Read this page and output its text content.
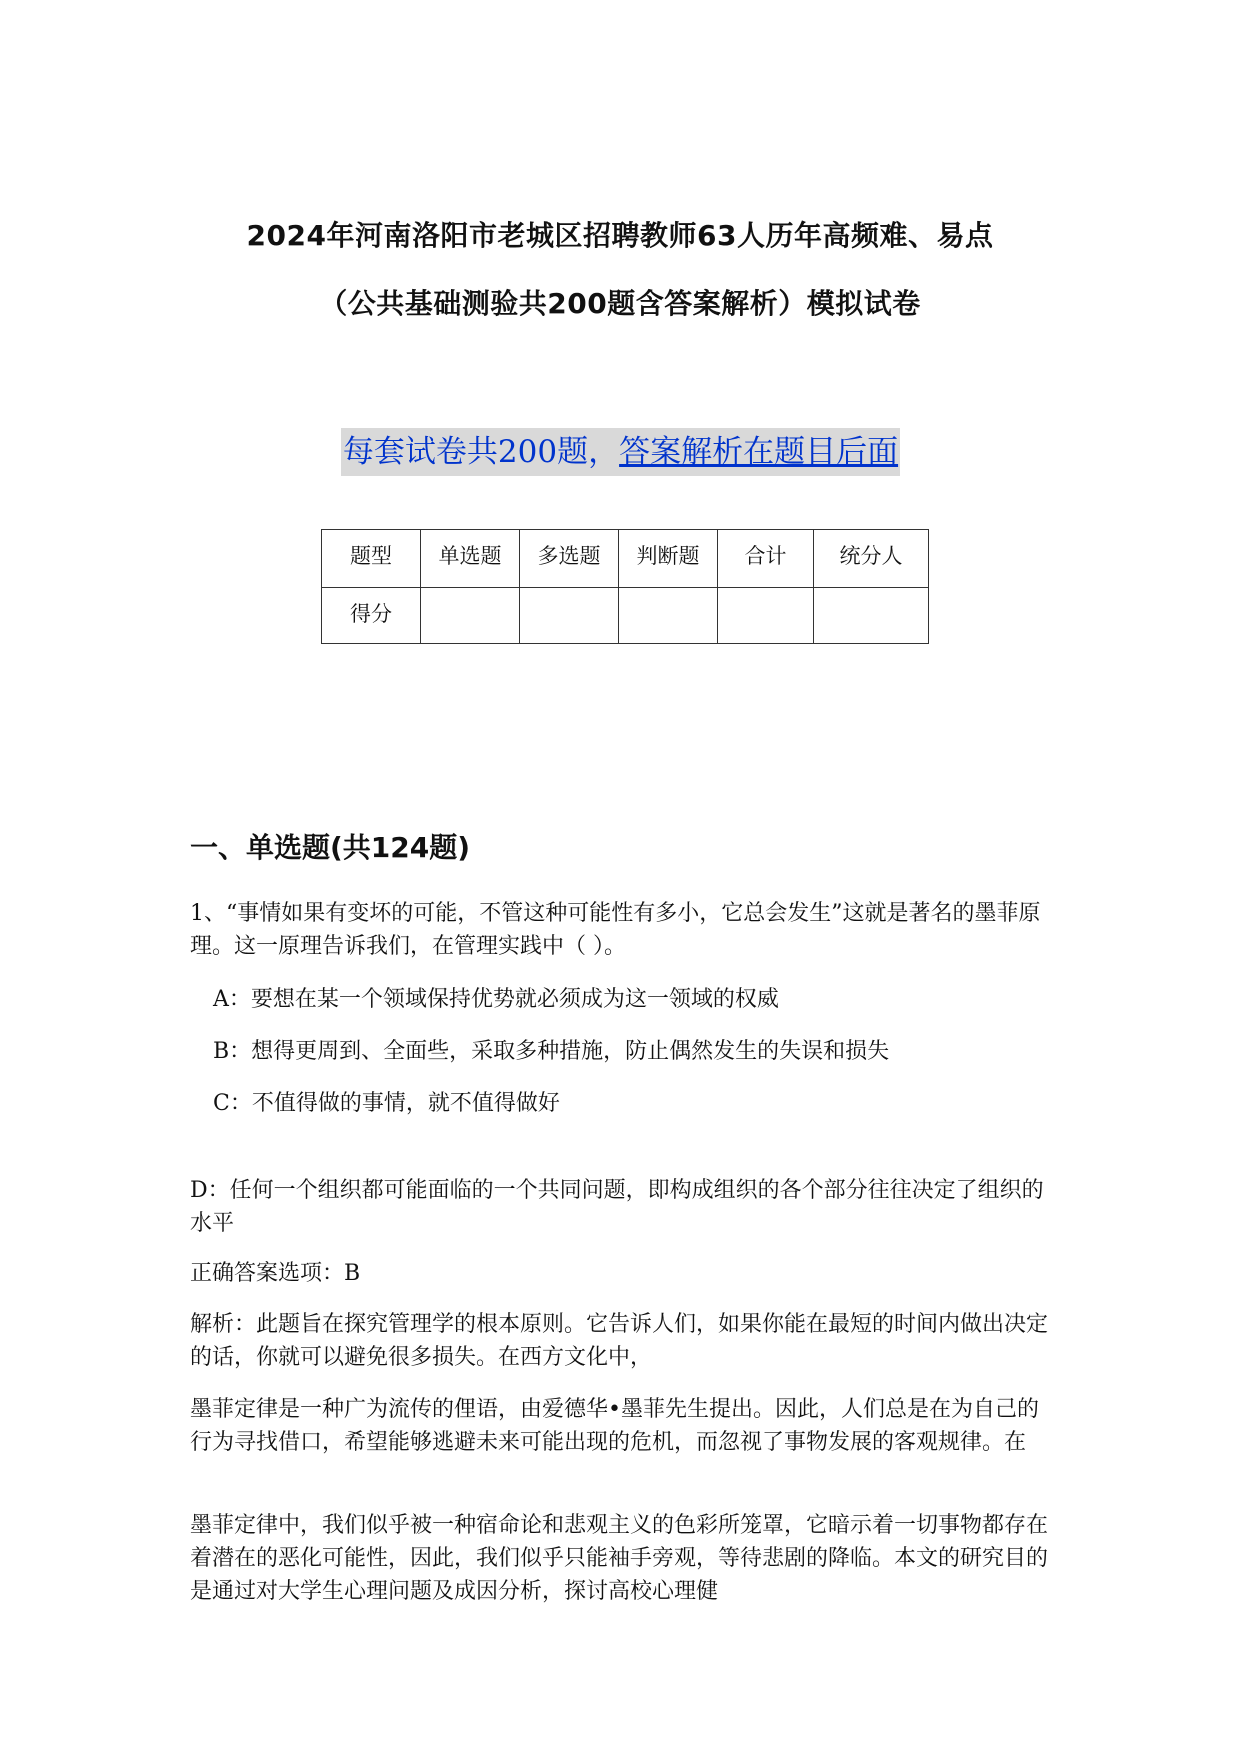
2024年河南洛阳市老城区招聘教师63人历年高频难、易点
（公共基础测验共200题含答案解析）模拟试卷
每套试卷共200题，答案解析在题目后面
题型	单选题	多选题	判断题	合计	统分人
得分					
一、单选题(共124题)

1、“事情如果有变坏的可能，不管这种可能性有多小，它总会发生”这就是著名的墨菲原理。这一原理告诉我们，在管理实践中（ ）。

A：要想在某一个领域保持优势就必须成为这一领域的权威

B：想得更周到、全面些，采取多种措施，防止偶然发生的失误和损失

C：不值得做的事情，就不值得做好

D：任何一个组织都可能面临的一个共同问题，即构成组织的各个部分往往决定了组织的水平

正确答案选项：B

解析：此题旨在探究管理学的根本原则。它告诉人们，如果你能在最短的时间内做出决定的话，你就可以避免很多损失。在西方文化中，

墨菲定律是一种广为流传的俚语，由爱德华•墨菲先生提出。因此，人们总是在为自己的行为寻找借口，希望能够逃避未来可能出现的危机，而忽视了事物发展的客观规律。在

墨菲定律中，我们似乎被一种宿命论和悲观主义的色彩所笼罩，它暗示着一切事物都存在着潜在的恶化可能性，因此，我们似乎只能袖手旁观，等待悲剧的降临。本文的研究目的是通过对大学生心理问题及成因分析，探讨高校心理健
